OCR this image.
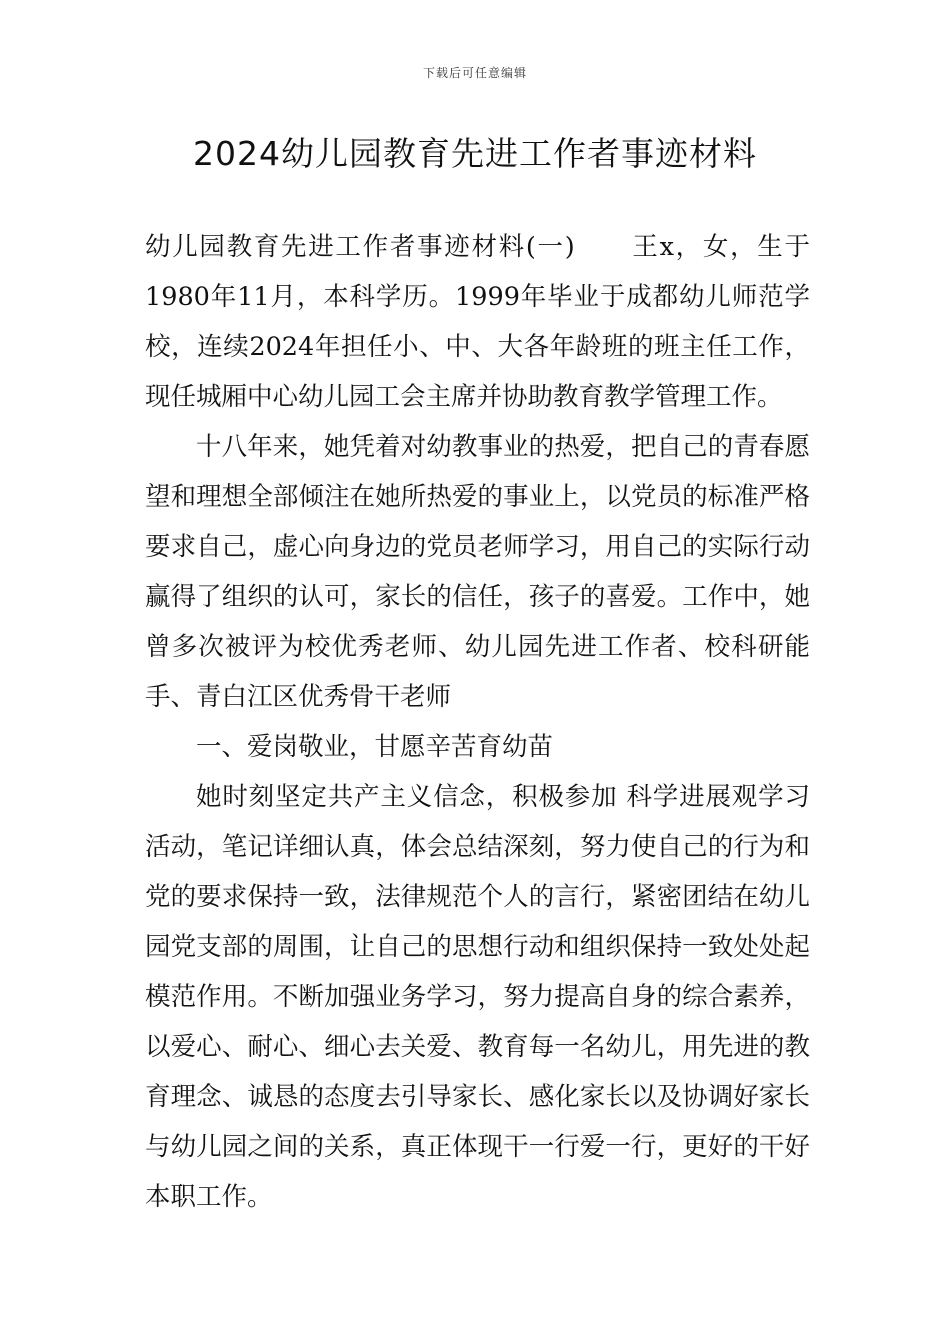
下载后可任意编辑
2024幼儿园教育先进工作者事迹材料

幼儿园教育先进工作者事迹材料(一) 王x，女，生于1980年11月，本科学历。1999年毕业于成都幼儿师范学校，连续2024年担任小、中、大各年龄班的班主任工作，现任城厢中心幼儿园工会主席并协助教育教学管理工作。

十八年来，她凭着对幼教事业的热爱，把自己的青春愿望和理想全部倾注在她所热爱的事业上，以党员的标准严格要求自己，虚心向身边的党员老师学习，用自己的实际行动赢得了组织的认可，家长的信任，孩子的喜爱。工作中，她曾多次被评为校优秀老师、幼儿园先进工作者、校科研能手、青白江区优秀骨干老师

一、爱岗敬业，甘愿辛苦育幼苗

她时刻坚定共产主义信念，积极参加 科学进展观学习活动，笔记详细认真，体会总结深刻，努力使自己的行为和党的要求保持一致，法律规范个人的言行，紧密团结在幼儿园党支部的周围，让自己的思想行动和组织保持一致处处起模范作用。不断加强业务学习，努力提高自身的综合素养，以爱心、耐心、细心去关爱、教育每一名幼儿，用先进的教育理念、诚恳的态度去引导家长、感化家长以及协调好家长与幼儿园之间的关系，真正体现干一行爱一行，更好的干好本职工作。
